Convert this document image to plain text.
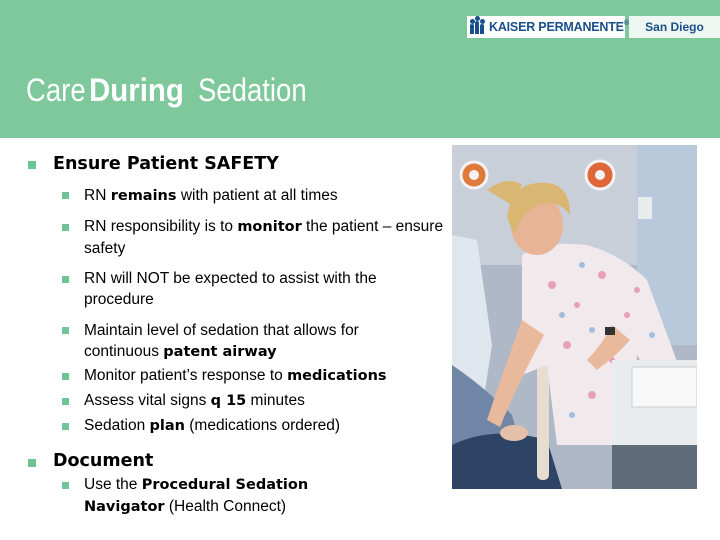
KAISER PERMANENTE® San Diego
CareDuring Sedation
Ensure Patient SAFETY
RN remains with patient at all times
RN responsibility is to monitor the patient – ensure safety
RN will NOT be expected to assist with the procedure
Maintain level of sedation that allows for continuous patent airway
Monitor patient’s response to medications
Assess vital signs q 15 minutes
Sedation plan (medications ordered)
Document
Use the Procedural Sedation Navigator (Health Connect)
